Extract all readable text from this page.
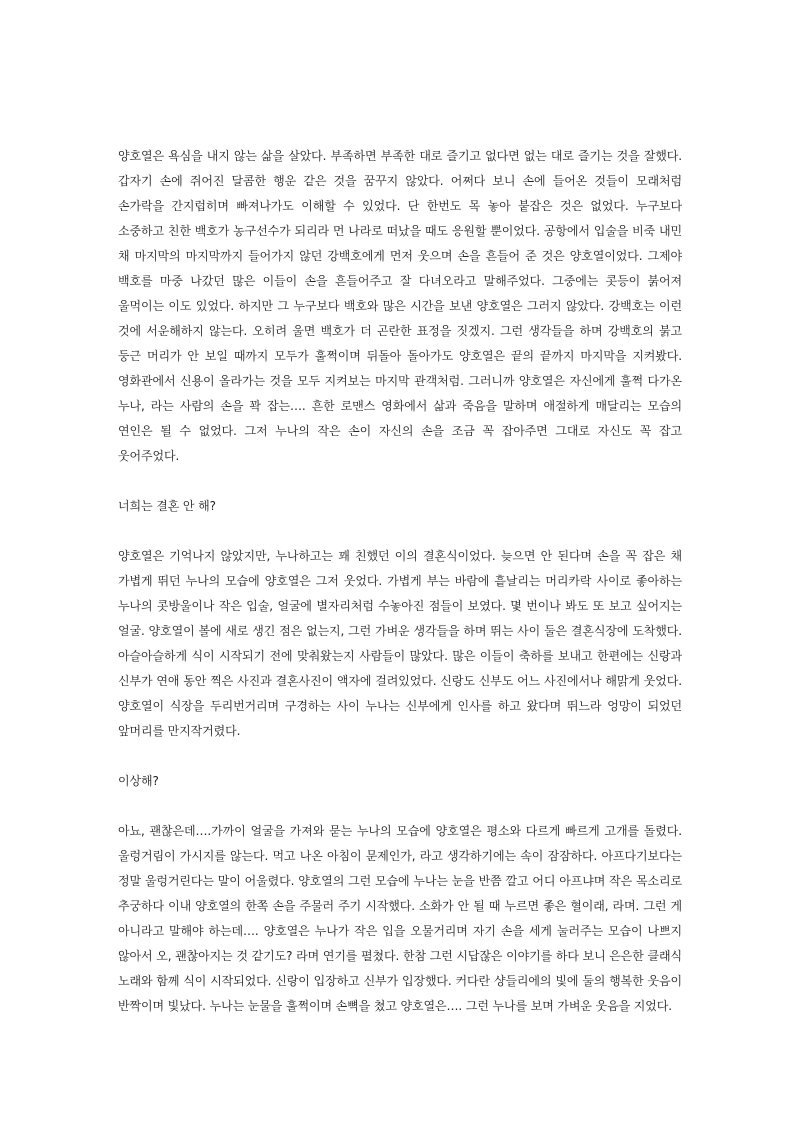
양호열은 욕심을 내지 않는 삶을 살았다. 부족하면 부족한 대로 즐기고 없다면 없는 대로 즐기는 것을 잘했다. 갑자기 손에 쥐어진 달콤한 행운 같은 것을 꿈꾸지 않았다. 어쩌다 보니 손에 들어온 것들이 모래처럼 손가락을 간지럽히며 빠져나가도 이해할 수 있었다. 단 한번도 목 놓아 붙잡은 것은 없었다. 누구보다 소중하고 친한 백호가 농구선수가 되리라 먼 나라로 떠났을 때도 응원할 뿐이었다. 공항에서 입술을 비죽 내민 채 마지막의 마지막까지 들어가지 않던 강백호에게 먼저 웃으며 손을 흔들어 준 것은 양호열이었다. 그제야 백호를 마중 나갔던 많은 이들이 손을 흔들어주고 잘 다녀오라고 말해주었다. 그중에는 콧등이 붉어져 울먹이는 이도 있었다. 하지만 그 누구보다 백호와 많은 시간을 보낸 양호열은 그러지 않았다. 강백호는 이런 것에 서운해하지 않는다. 오히려 울면 백호가 더 곤란한 표정을 짓겠지. 그런 생각들을 하며 강백호의 붉고 둥근 머리가 안 보일 때까지 모두가 훌쩍이며 뒤돌아 돌아가도 양호열은 끝의 끝까지 마지막을 지켜봤다. 영화관에서 신용이 올라가는 것을 모두 지켜보는 마지막 관객처럼. 그러니까 양호열은 자신에게 훌쩍 다가온 누나, 라는 사람의 손을 꽉 잡는…. 흔한 로맨스 영화에서 삶과 죽음을 말하며 애절하게 매달리는 모습의 연인은 될 수 없었다. 그저 누나의 작은 손이 자신의 손을 조금 꼭 잡아주면 그대로 자신도 꼭 잡고 웃어주었다.

너희는 결혼 안 해?

양호열은 기억나지 않았지만, 누나하고는 꽤 친했던 이의 결혼식이었다. 늦으면 안 된다며 손을 꼭 잡은 채 가볍게 뛰던 누나의 모습에 양호열은 그저 웃었다. 가볍게 부는 바람에 흩날리는 머리카락 사이로 좋아하는 누나의 콧방울이나 작은 입술, 얼굴에 별자리처럼 수놓아진 점들이 보였다. 몇 번이나 봐도 또 보고 싶어지는 얼굴. 양호열이 볼에 새로 생긴 점은 없는지, 그런 가벼운 생각들을 하며 뛰는 사이 둘은 결혼식장에 도착했다. 아슬아슬하게 식이 시작되기 전에 맞춰왔는지 사람들이 많았다. 많은 이들이 축하를 보내고 한편에는 신랑과 신부가 연애 동안 찍은 사진과 결혼사진이 액자에 걸려있었다. 신랑도 신부도 어느 사진에서나 해맑게 웃었다. 양호열이 식장을 두리번거리며 구경하는 사이 누나는 신부에게 인사를 하고 왔다며 뛰느라 엉망이 되었던 앞머리를 만지작거렸다.

이상해?

아뇨, 괜찮은데….가까이 얼굴을 가져와 묻는 누나의 모습에 양호열은 평소와 다르게 빠르게 고개를 돌렸다. 울렁거림이 가시지를 않는다. 먹고 나온 아침이 문제인가, 라고 생각하기에는 속이 잠잠하다. 아프다기보다는 정말 울렁거린다는 말이 어울렸다. 양호열의 그런 모습에 누나는 눈을 반쯤 깔고 어디 아프냐며 작은 목소리로 추궁하다 이내 양호열의 한쪽 손을 주물러 주기 시작했다. 소화가 안 될 때 누르면 좋은 혈이래, 라며. 그런 게 아니라고 말해야 하는데…. 양호열은 누나가 작은 입을 오물거리며 자기 손을 세게 눌러주는 모습이 나쁘지 않아서 오, 괜찮아지는 것 같기도? 라며 연기를 펼쳤다. 한참 그런 시답잖은 이야기를 하다 보니 은은한 클래식 노래와 함께 식이 시작되었다. 신랑이 입장하고 신부가 입장했다. 커다란 샹들리에의 빛에 둘의 행복한 웃음이 반짝이며 빛났다. 누나는 눈물을 훌쩍이며 손뼉을 쳤고 양호열은…. 그런 누나를 보며 가벼운 웃음을 지었다.
